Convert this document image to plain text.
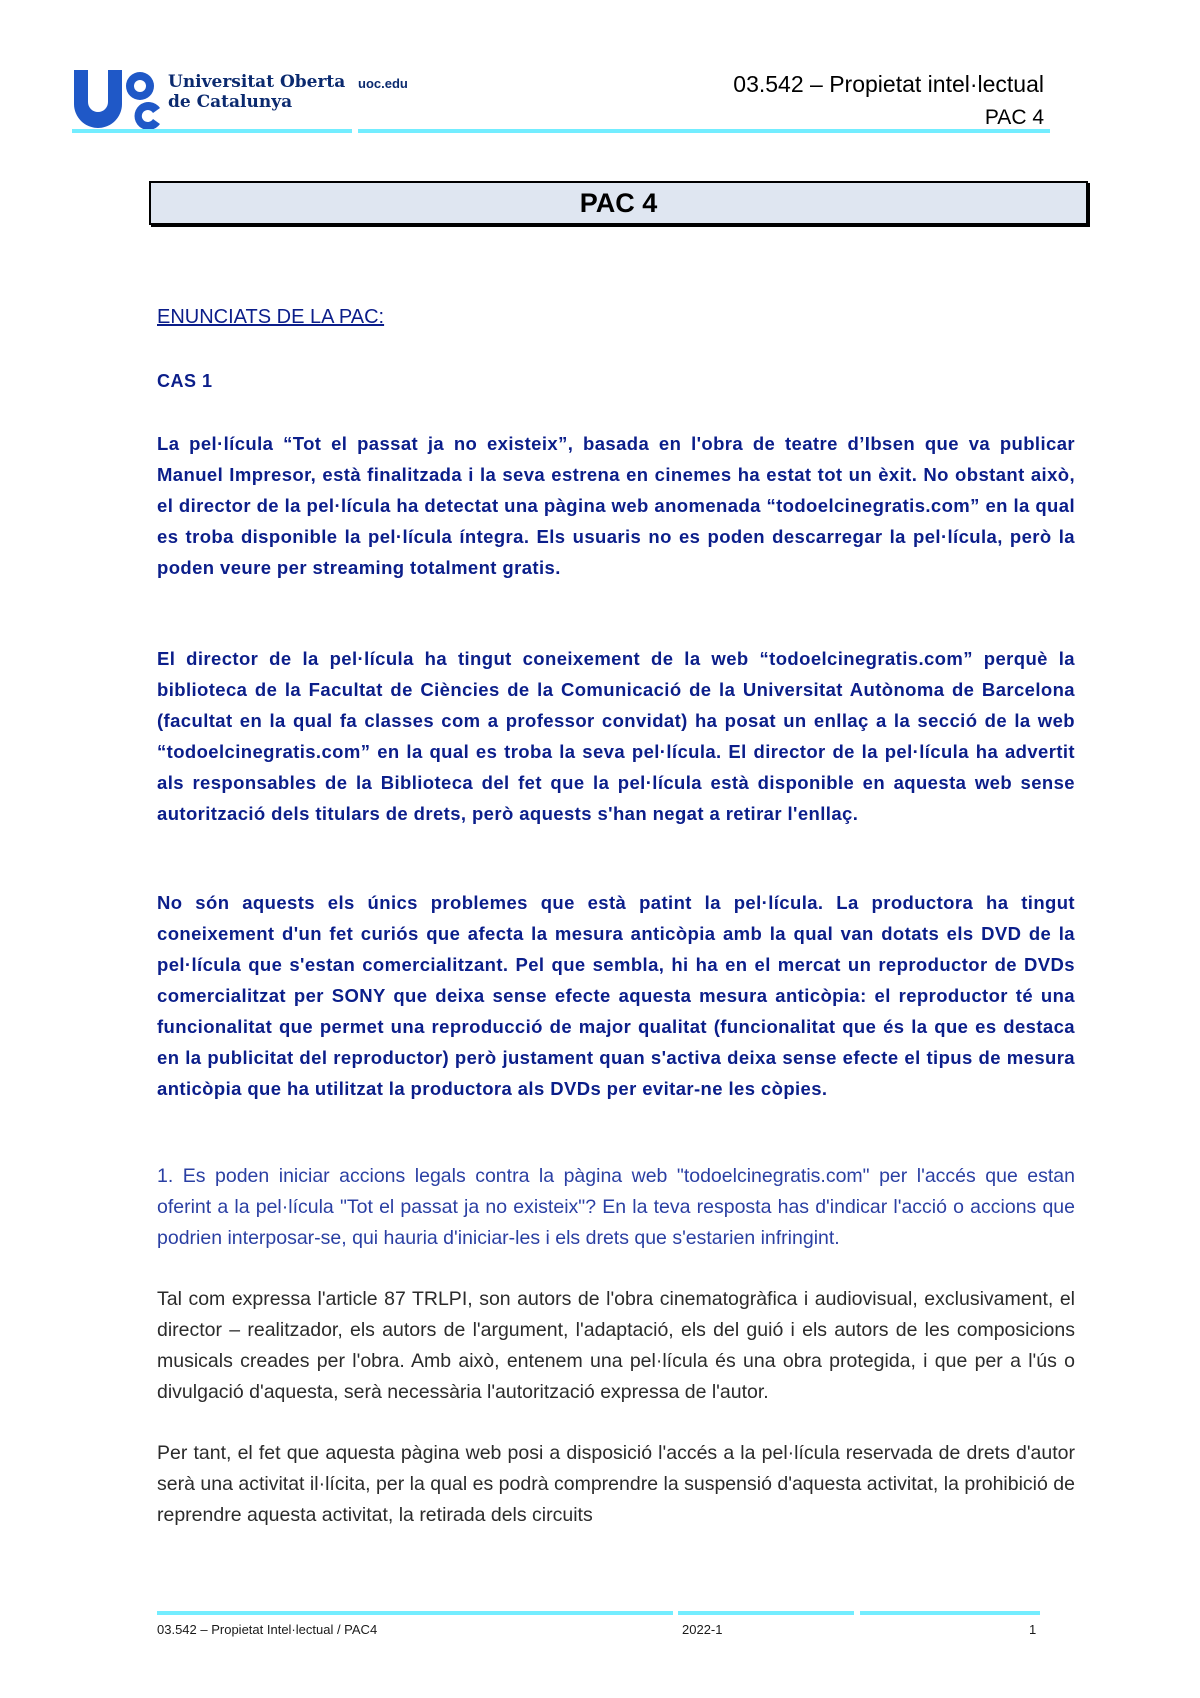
Universitat Oberta
de Catalunya
uoc.edu	03.542 – Propietat intel·lectual
PAC 4
PAC 4
ENUNCIATS DE LA PAC:
CAS 1

La pel·lícula “Tot el passat ja no existeix”, basada en l'obra de teatre d’Ibsen que va publicar Manuel Impresor, està finalitzada i la seva estrena en cinemes ha estat tot un èxit. No obstant això, el director de la pel·lícula ha detectat una pàgina web anomenada “todoelcinegratis.com” en la qual es troba disponible la pel·lícula íntegra. Els usuaris no es poden descarregar la pel·lícula, però la poden veure per streaming totalment gratis.

El director de la pel·lícula ha tingut coneixement de la web “todoelcinegratis.com” perquè la biblioteca de la Facultat de Ciències de la Comunicació de la Universitat Autònoma de Barcelona (facultat en la qual fa classes com a professor convidat) ha posat un enllaç a la secció de la web “todoelcinegratis.com” en la qual es troba la seva pel·lícula. El director de la pel·lícula ha advertit als responsables de la Biblioteca del fet que la pel·lícula està disponible en aquesta web sense autorització dels titulars de drets, però aquests s'han negat a retirar l'enllaç.

No són aquests els únics problemes que està patint la pel·lícula. La productora ha tingut coneixement d'un fet curiós que afecta la mesura anticòpia amb la qual van dotats els DVD de la pel·lícula que s'estan comercialitzant. Pel que sembla, hi ha en el mercat un reproductor de DVDs comercialitzat per SONY que deixa sense efecte aquesta mesura anticòpia: el reproductor té una funcionalitat que permet una reproducció de major qualitat (funcionalitat que és la que es destaca en la publicitat del reproductor) però justament quan s'activa deixa sense efecte el tipus de mesura anticòpia que ha utilitzat la productora als DVDs per evitar-ne les còpies.

1. Es poden iniciar accions legals contra la pàgina web "todoelcinegratis.com" per l'accés que estan oferint a la pel·lícula "Tot el passat ja no existeix"? En la teva resposta has d'indicar l'acció o accions que podrien interposar-se, qui hauria d'iniciar-les i els drets que s'estarien infringint.

Tal com expressa l'article 87 TRLPI, son autors de l'obra cinematogràfica i audiovisual, exclusivament, el director – realitzador, els autors de l'argument, l'adaptació, els del guió i els autors de les composicions musicals creades per l'obra. Amb això, entenem una pel·lícula és una obra protegida, i que per a l'ús o divulgació d'aquesta, serà necessària l'autorització expressa de l'autor.

Per tant, el fet que aquesta pàgina web posi a disposició l'accés a la pel·lícula reservada de drets d'autor serà una activitat il·lícita, per la qual es podrà comprendre la suspensió d'aquesta activitat, la prohibició de reprendre aquesta activitat, la retirada dels circuits

03.542 – Propietat Intel·lectual / PAC4	2022-1	1
